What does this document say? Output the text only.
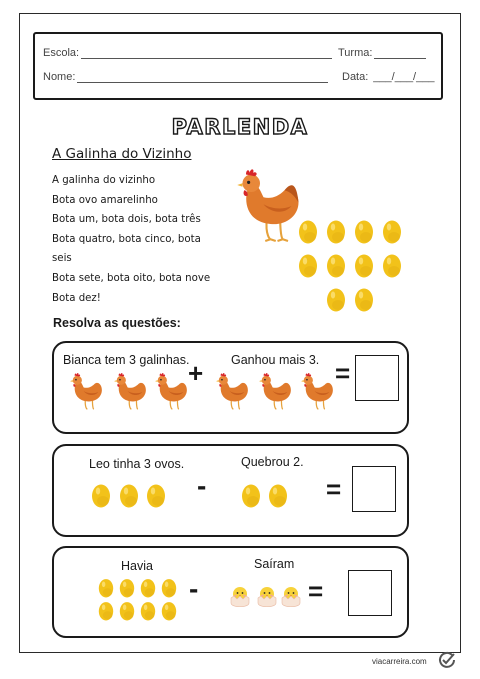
Escola:	Turma:
Nome:	Data: ___/___/___
PARLENDA
A Galinha do Vizinho
A galinha do vizinho
Bota ovo amarelinho
Bota um, bota dois, bota três
Bota quatro, bota cinco, bota
seis
Bota sete, bota oito, bota nove
Bota dez!
Resolva as questões:
Bianca tem 3 galinhas.	Ganhou mais 3.
+	=
Leo tinha 3 ovos.	Quebrou 2.
-	=
Havia	Saíram
-	=
viacarreira.com
